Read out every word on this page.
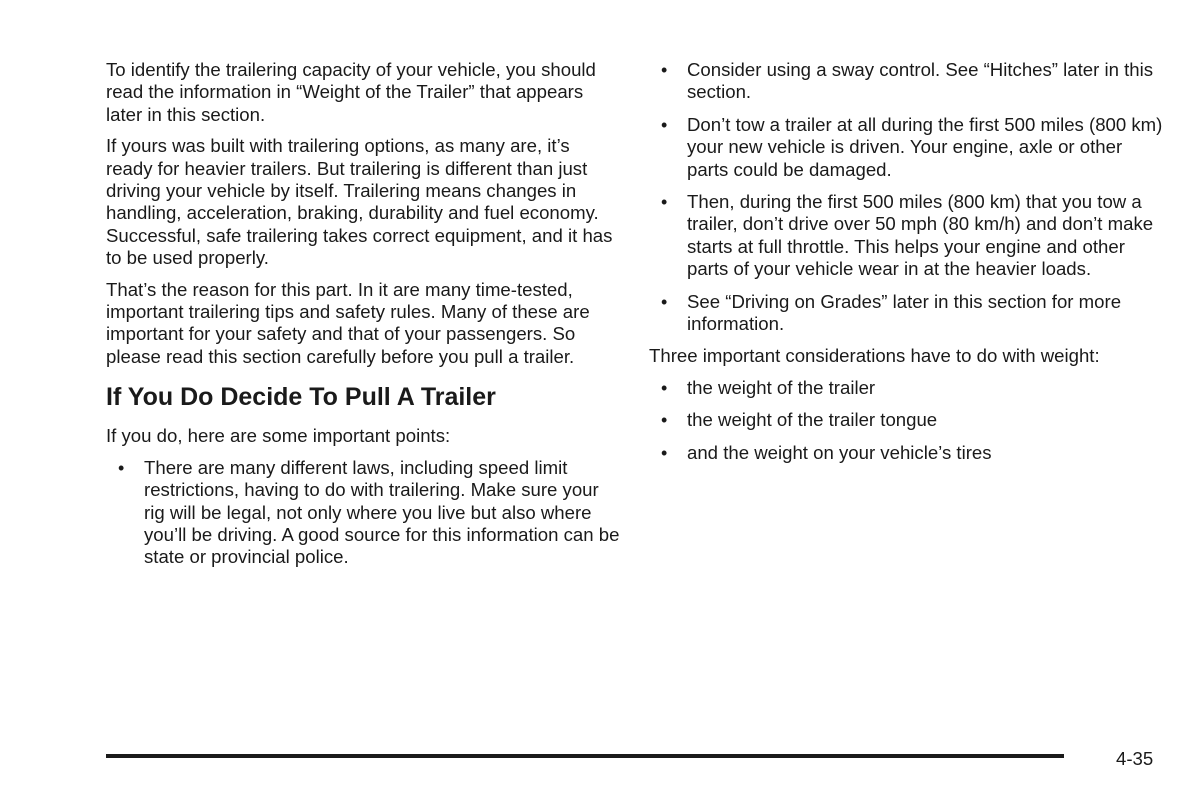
To identify the trailering capacity of your vehicle, you should read the information in “Weight of the Trailer” that appears later in this section.

If yours was built with trailering options, as many are, it’s ready for heavier trailers. But trailering is different than just driving your vehicle by itself. Trailering means changes in handling, acceleration, braking, durability and fuel economy. Successful, safe trailering takes correct equipment, and it has to be used properly.

That’s the reason for this part. In it are many time-tested, important trailering tips and safety rules. Many of these are important for your safety and that of your passengers. So please read this section carefully before you pull a trailer.

If You Do Decide To Pull A Trailer

If you do, here are some important points:

• There are many different laws, including speed limit restrictions, having to do with trailering. Make sure your rig will be legal, not only where you live but also where you’ll be driving. A good source for this information can be state or provincial police.
• Consider using a sway control. See “Hitches” later in this section.
• Don’t tow a trailer at all during the first 500 miles (800 km) your new vehicle is driven. Your engine, axle or other parts could be damaged.
• Then, during the first 500 miles (800 km) that you tow a trailer, don’t drive over 50 mph (80 km/h) and don’t make starts at full throttle. This helps your engine and other parts of your vehicle wear in at the heavier loads.
• See “Driving on Grades” later in this section for more information.

Three important considerations have to do with weight:

• the weight of the trailer
• the weight of the trailer tongue
• and the weight on your vehicle’s tires
4-35
